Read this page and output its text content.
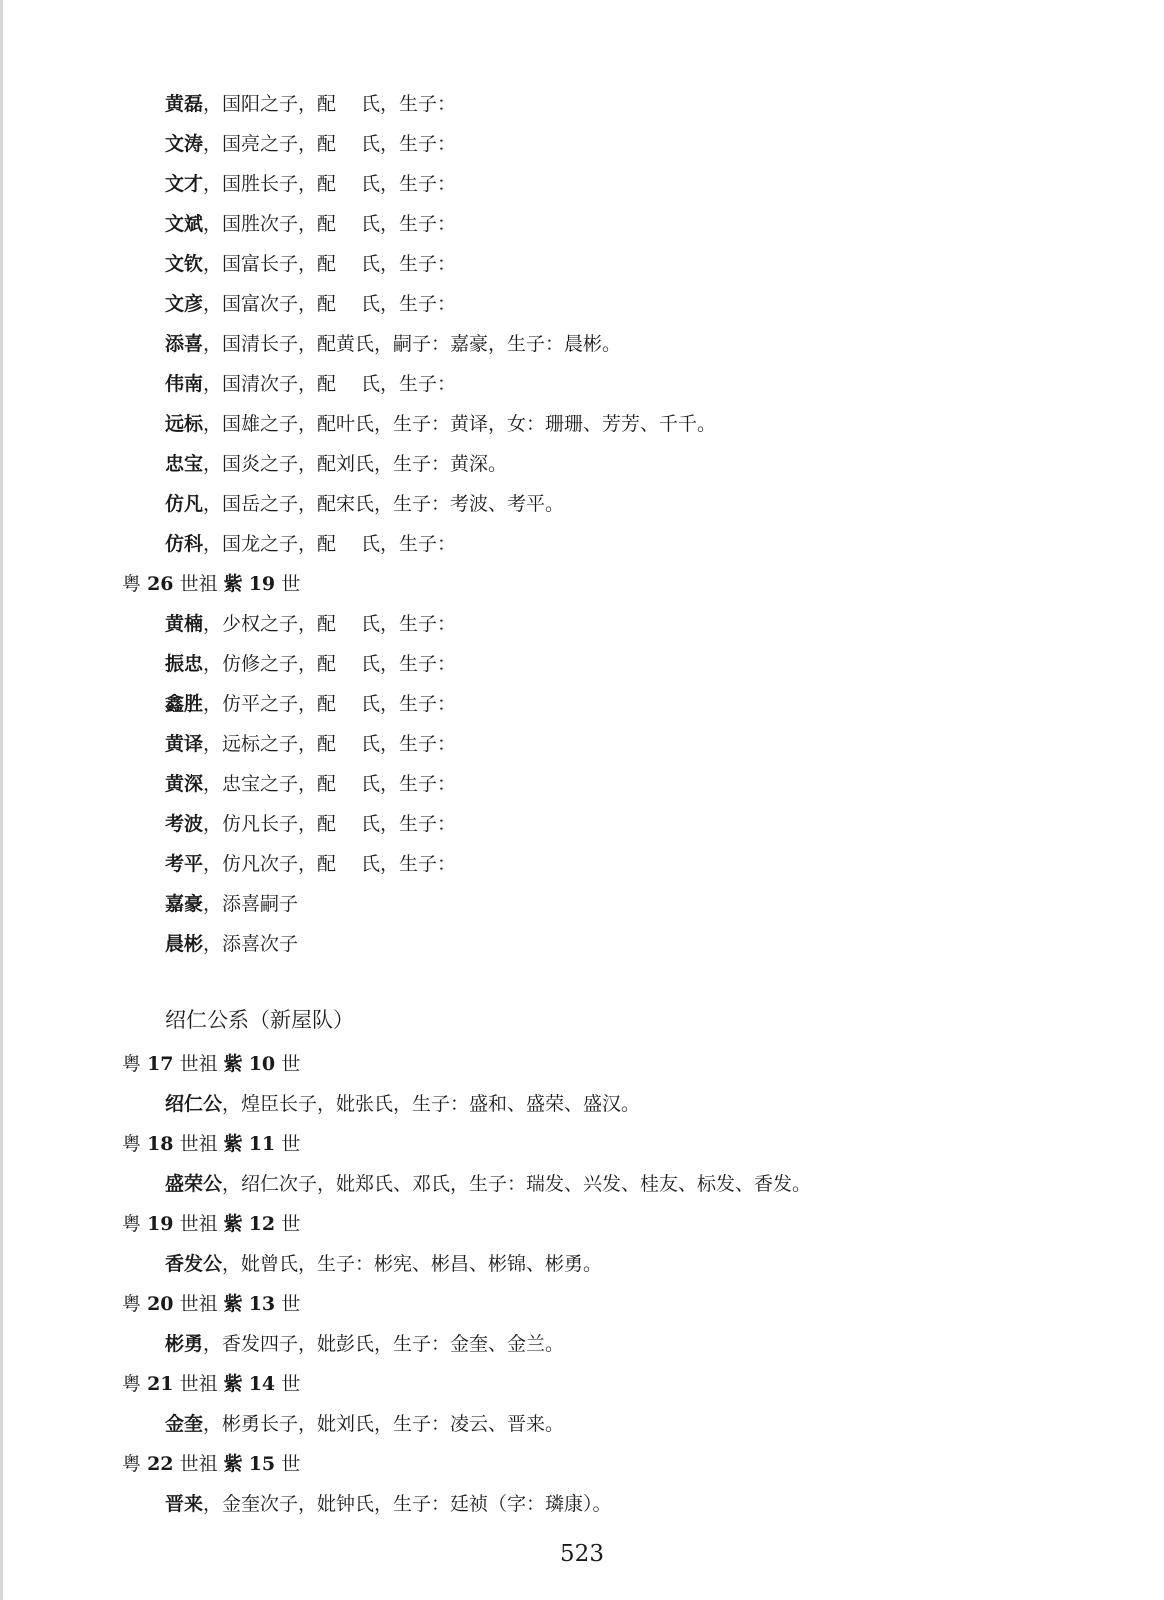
黄磊，国阳之子，配　 氏，生子：
文涛，国亮之子，配　 氏，生子：
文才，国胜长子，配　 氏，生子：
文斌，国胜次子，配　 氏，生子：
文钦，国富长子，配　 氏，生子：
文彦，国富次子，配　 氏，生子：
添喜，国清长子，配黄氏，嗣子：嘉豪，生子：晨彬。
伟南，国清次子，配　 氏，生子：
远标，国雄之子，配叶氏，生子：黄译，女：珊珊、芳芳、千千。
忠宝，国炎之子，配刘氏，生子：黄深。
仿凡，国岳之子，配宋氏，生子：考波、考平。
仿科，国龙之子，配　 氏，生子：
粤 26 世祖 紫 19 世
黄楠，少权之子，配　 氏，生子：
振忠，仿修之子，配　 氏，生子：
鑫胜，仿平之子，配　 氏，生子：
黄译，远标之子，配　 氏，生子：
黄深，忠宝之子，配　 氏，生子：
考波，仿凡长子，配　 氏，生子：
考平，仿凡次子，配　 氏，生子：
嘉豪，添喜嗣子
晨彬，添喜次子
绍仁公系（新屋队）
粤 17 世祖 紫 10 世
绍仁公，煌臣长子，妣张氏，生子：盛和、盛荣、盛汉。
粤 18 世祖 紫 11 世
盛荣公，绍仁次子，妣郑氏、邓氏，生子：瑞发、兴发、桂友、标发、香发。
粤 19 世祖 紫 12 世
香发公，妣曾氏，生子：彬宪、彬昌、彬锦、彬勇。
粤 20 世祖 紫 13 世
彬勇，香发四子，妣彭氏，生子：金奎、金兰。
粤 21 世祖 紫 14 世
金奎，彬勇长子，妣刘氏，生子：凌云、晋来。
粤 22 世祖 紫 15 世
晋来，金奎次子，妣钟氏，生子：廷祯（字：璘康）。
523
